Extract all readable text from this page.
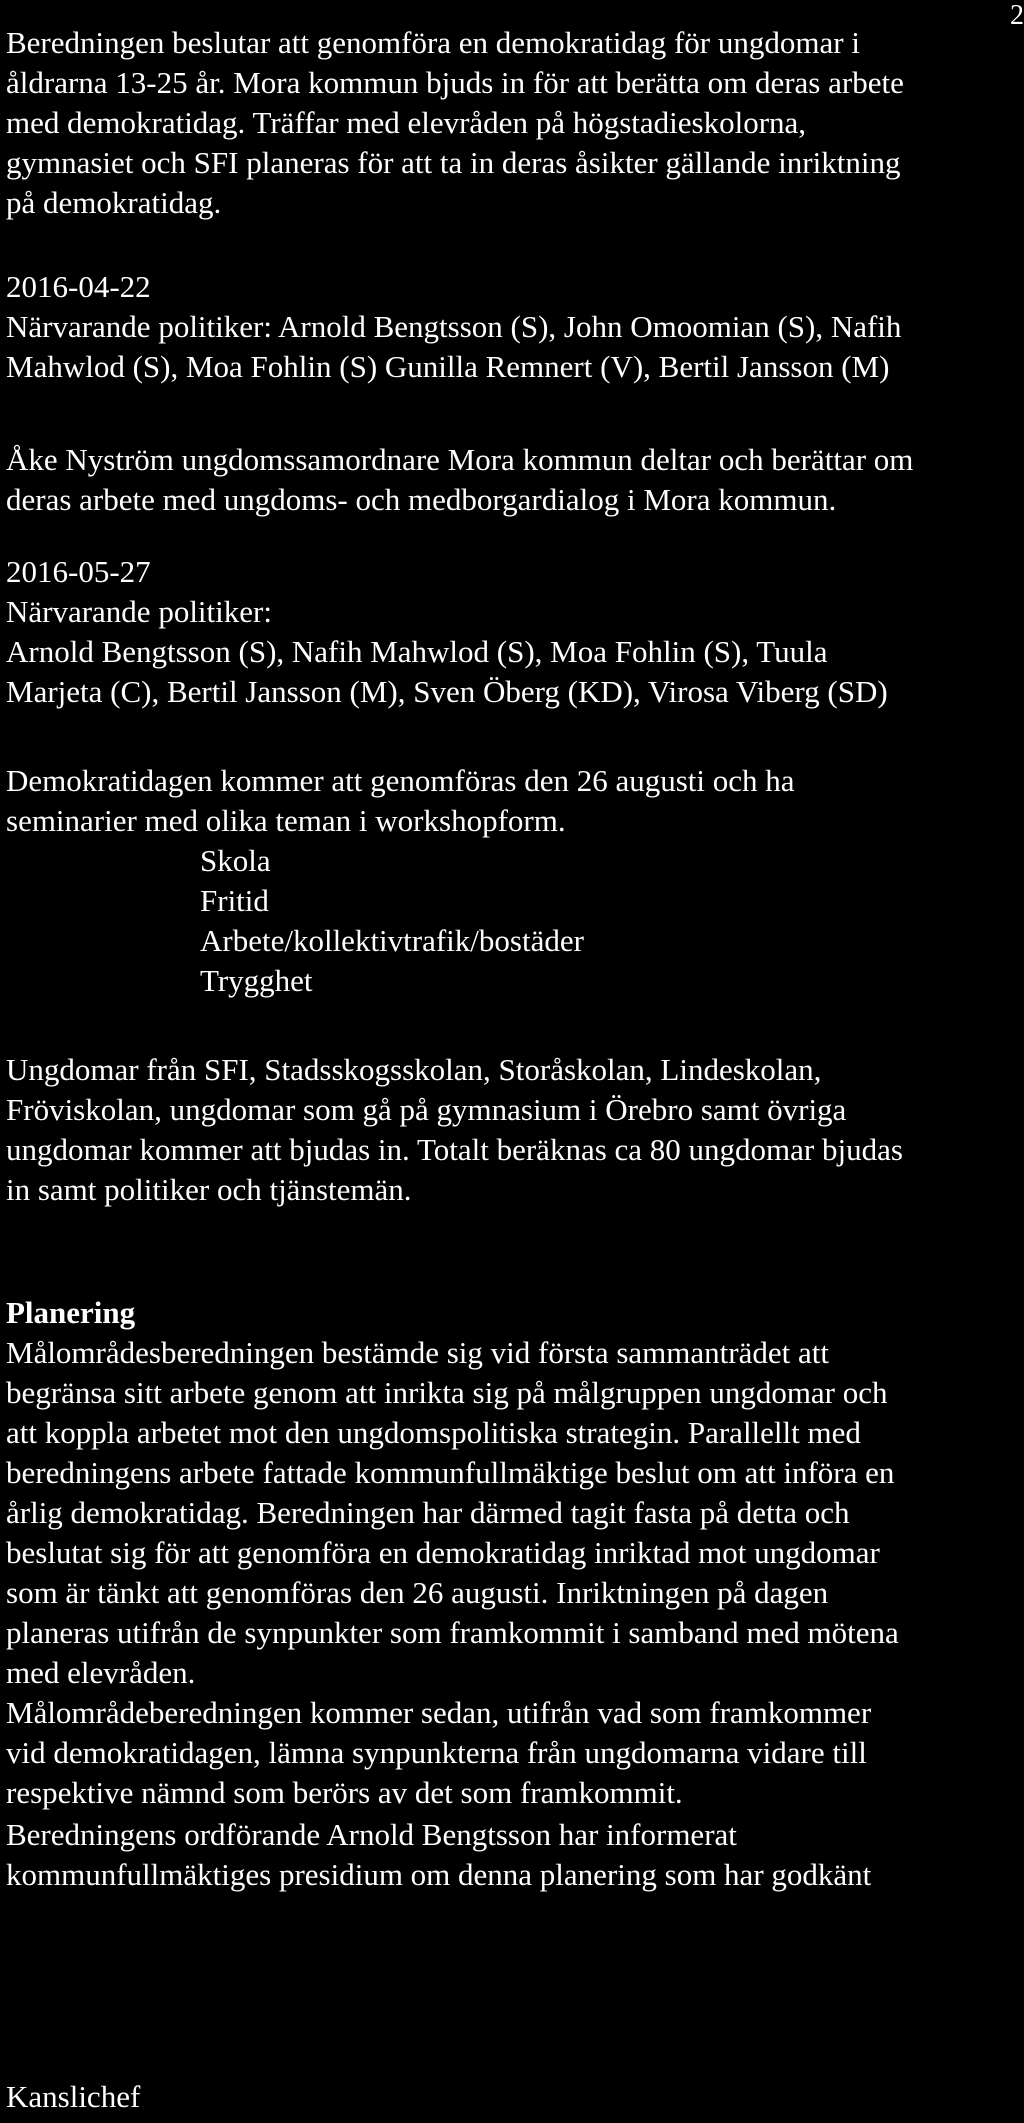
2
Beredningen beslutar att genomföra en demokratidag för ungdomar i
åldrarna 13-25 år. Mora kommun bjuds in för att berätta om deras arbete
med demokratidag. Träffar med elevråden på högstadieskolorna,
gymnasiet och SFI planeras för att ta in deras åsikter gällande inriktning
på demokratidag.
2016-04-22
Närvarande politiker: Arnold Bengtsson (S), John Omoomian (S), Nafih
Mahwlod (S), Moa Fohlin (S) Gunilla Remnert (V), Bertil Jansson (M)
Åke Nyström ungdomssamordnare Mora kommun deltar och berättar om
deras arbete med ungdoms- och medborgardialog i Mora kommun.
2016-05-27
Närvarande politiker:
Arnold Bengtsson (S), Nafih Mahwlod (S), Moa Fohlin (S), Tuula
Marjeta (C), Bertil Jansson (M), Sven Öberg (KD), Virosa Viberg (SD)
Demokratidagen kommer att genomföras den 26 augusti och ha
seminarier med olika teman i workshopform.
Skola
Fritid
Arbete/kollektivtrafik/bostäder
Trygghet
Ungdomar från SFI, Stadsskogsskolan, Storåskolan, Lindeskolan,
Fröviskolan, ungdomar som gå på gymnasium i Örebro samt övriga
ungdomar kommer att bjudas in. Totalt beräknas ca 80 ungdomar bjudas
in samt politiker och tjänstemän.
Planering
Målområdesberedningen bestämde sig vid första sammanträdet att
begränsa sitt arbete genom att inrikta sig på målgruppen ungdomar och
att koppla arbetet mot den ungdomspolitiska strategin. Parallellt med
beredningens arbete fattade kommunfullmäktige beslut om att införa en
årlig demokratidag. Beredningen har därmed tagit fasta på detta och
beslutat sig för att genomföra en demokratidag inriktad mot ungdomar
som är tänkt att genomföras den 26 augusti. Inriktningen på dagen
planeras utifrån de synpunkter som framkommit i samband med mötena
med elevråden.
Målområdeberedningen kommer sedan, utifrån vad som framkommer
vid demokratidagen, lämna synpunkterna från ungdomarna vidare till
respektive nämnd som berörs av det som framkommit.
Beredningens ordförande Arnold Bengtsson har informerat
kommunfullmäktiges presidium om denna planering som har godkänt
Kanslichef
